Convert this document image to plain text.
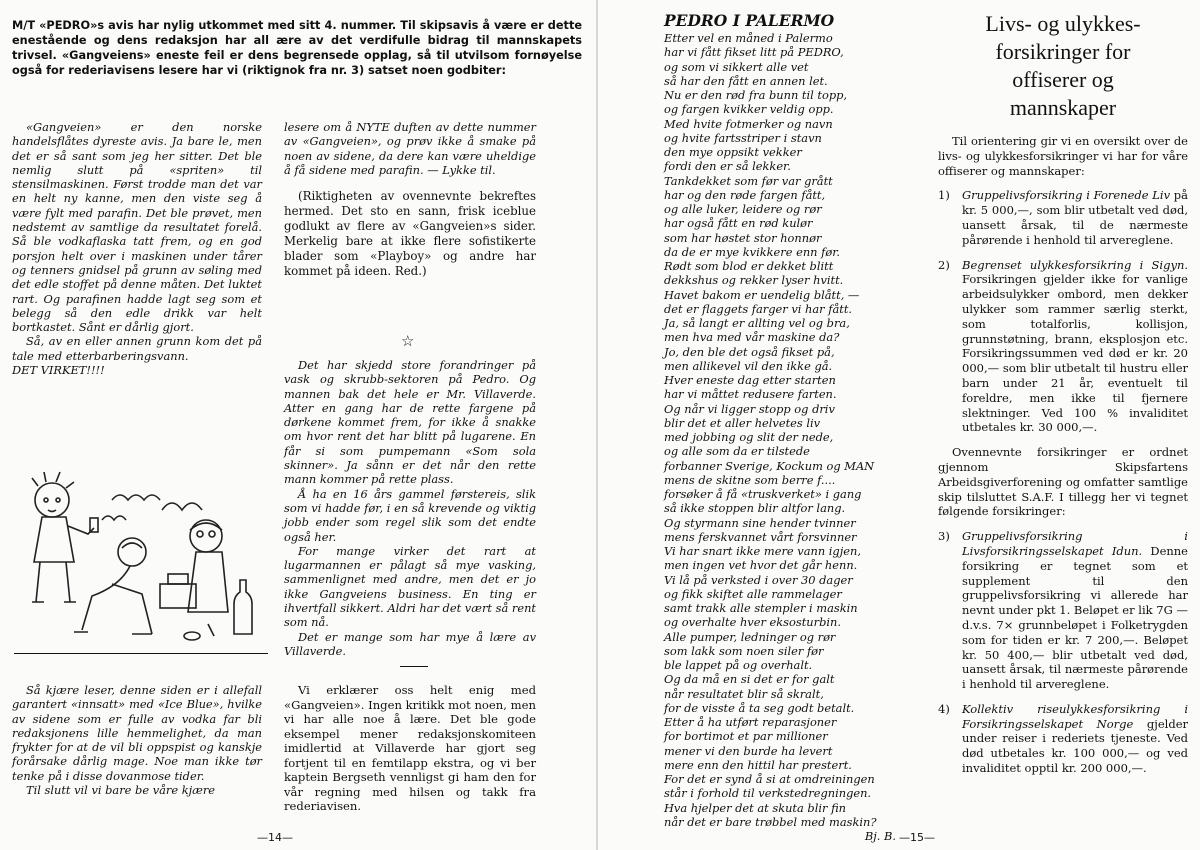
M/T «PEDRO»s avis har nylig utkommet med sitt 4. nummer. Til skipsavis å være er dette enestående og dens redaksjon har all ære av det verdifulle bidrag til mannskapets trivsel. «Gangveiens» eneste feil er dens begrensede opplag, så til utvilsom fornøyelse også for rederiavisens lesere har vi (riktignok fra nr. 3) satset noen godbiter:

«Gangveien» er den norske handelsflåtes dyreste avis. Ja bare le, men det er så sant som jeg her sitter. Det ble nemlig slutt på «spriten» til stensilmaskinen. Først trodde man det var en helt ny kanne, men den viste seg å være fylt med parafin. Det ble prøvet, men nedstemt av samtlige da resultatet forelå. Så ble vodkaflaska tatt frem, og en god porsjon helt over i maskinen under tårer og tenners gnidsel på grunn av søling med det edle stoffet på denne måten. Det luktet rart. Og parafinen hadde lagt seg som et belegg så den edle drikk var helt bortkastet. Sånt er dårlig gjort.

Så, av en eller annen grunn kom det på tale med etterbarberingsvann.

DET VIRKET!!!!

Så kjære leser, denne siden er i allefall garantert «innsatt» med «Ice Blue», hvilke av sidene som er fulle av vodka far bli redaksjonens lille hemmelighet, da man frykter for at de vil bli oppspist og kanskje forårsake dårlig mage. Noe man ikke tør tenke på i disse dovanmose tider.

Til slutt vil vi bare be våre kjære

lesere om å NYTE duften av dette nummer av «Gangveien», og prøv ikke å smake på noen av sidene, da dere kan være uheldige å få sidene med parafin. — Lykke til.

(Riktigheten av ovennevnte bekreftes hermed. Det sto en sann, frisk iceblue godlukt av flere av «Gangveien»s sider. Merkelig bare at ikke flere sofistikerte blader som «Playboy» og andre har kommet på ideen. Red.)

☆

Det har skjedd store forandringer på vask og skrubb-sektoren på Pedro. Og mannen bak det hele er Mr. Villaverde. Atter en gang har de rette fargene på dørkene kommet frem, for ikke å snakke om hvor rent det har blitt på lugarene. En får si som pumpemann «Som sola skinner». Ja sånn er det når den rette mann kommer på rette plass.

Å ha en 16 års gammel førstereis, slik som vi hadde før, i en så krevende og viktig jobb ender som regel slik som det endte også her.

For mange virker det rart at lugarmannen er pålagt så mye vasking, sammenlignet med andre, men det er jo ikke Gangveiens business. En ting er ihvertfall sikkert. Aldri har det vært så rent som nå.

Det er mange som har mye å lære av Villaverde.

Vi erklærer oss helt enig med «Gangveien». Ingen kritikk mot noen, men vi har alle noe å lære. Det ble gode eksempel mener redaksjonskomiteen imidlertid at Villaverde har gjort seg fortjent til en femtilapp ekstra, og vi ber kaptein Bergseth vennligst gi ham den for vår regning med hilsen og takk fra rederiavisen.

—14—

PEDRO I PALERMO

Etter vel en måned i Palermo

har vi fått fikset litt på PEDRO,

og som vi sikkert alle vet

så har den fått en annen let.

Nu er den rød fra bunn til topp,

og fargen kvikker veldig opp.

Med hvite fotmerker og navn

og hvite fartsstriper i stavn

den mye oppsikt vekker

fordi den er så lekker.

Tankdekket som før var grått

har og den røde fargen fått,

og alle luker, leidere og rør

har også fått en rød kulør

som har høstet stor honnør

da de er mye kvikkere enn før.

Rødt som blod er dekket blitt

dekkshus og rekker lyser hvitt.

Havet bakom er uendelig blått, —

det er flaggets farger vi har fått.

Ja, så langt er allting vel og bra,

men hva med vår maskine da?

Jo, den ble det også fikset på,

men allikevel vil den ikke gå.

Hver eneste dag etter starten

har vi måttet redusere farten.

Og når vi ligger stopp og driv

blir det et aller helvetes liv

med jobbing og slit der nede,

og alle som da er tilstede

forbanner Sverige, Kockum og MAN

mens de skitne som berre f....

forsøker å få «truskverket» i gang

så ikke stoppen blir altfor lang.

Og styrmann sine hender tvinner

mens ferskvannet vårt forsvinner

Vi har snart ikke mere vann igjen,

men ingen vet hvor det går henn.

Vi lå på verksted i over 30 dager

og fikk skiftet alle rammelager

samt trakk alle stempler i maskin

og overhalte hver eksosturbin.

Alle pumper, ledninger og rør

som lakk som noen siler før

ble lappet på og overhalt.

Og da må en si det er for galt

når resultatet blir så skralt,

for de visste å ta seg godt betalt.

Etter å ha utført reparasjoner

for bortimot et par millioner

mener vi den burde ha levert

mere enn den hittil har prestert.

For det er synd å si at omdreiningen

står i forhold til verkstedregningen.

Hva hjelper det at skuta blir fin

når det er bare trøbbel med maskin?

Bj. B.

Livs- og ulykkes-

forsikringer for

offiserer og

mannskaper

Til orientering gir vi en oversikt over de livs- og ulykkesforsikringer vi har for våre offiserer og mannskaper:

1) Gruppelivsforsikring i Forenede Liv på kr. 5 000,—, som blir utbetalt ved død, uansett årsak, til de nærmeste pårørende i henhold til arvereglene.
2) Begrenset ulykkesforsikring i Sigyn. Forsikringen gjelder ikke for vanlige arbeidsulykker ombord, men dekker ulykker som rammer særlig sterkt, som totalforlis, kollisjon, grunnstøtning, brann, eksplosjon etc. Forsikringssummen ved død er kr. 20 000,— som blir utbetalt til hustru eller barn under 21 år, eventuelt til foreldre, men ikke til fjernere slektninger. Ved 100 % invaliditet utbetales kr. 30 000,—.

Ovennevnte forsikringer er ordnet gjennom Skipsfartens Arbeidsgiverforening og omfatter samtlige skip tilsluttet S.A.F. I tillegg her vi tegnet følgende forsikringer:

3) Gruppelivsforsikring i Livsforsikringsselskapet Idun. Denne forsikring er tegnet som et supplement til den gruppelivsforsikring vi allerede har nevnt under pkt 1. Beløpet er lik 7G — d.v.s. 7× grunnbeløpet i Folketrygden som for tiden er kr. 7 200,—. Beløpet kr. 50 400,— blir utbetalt ved død, uansett årsak, til nærmeste pårørende i henhold til arvereglene.
4) Kollektiv riseulykkesforsikring i Forsikringsselskapet Norge gjelder under reiser i rederiets tjeneste. Ved død utbetales kr. 100 000,— og ved invaliditet opptil kr. 200 000,—.
—15—
